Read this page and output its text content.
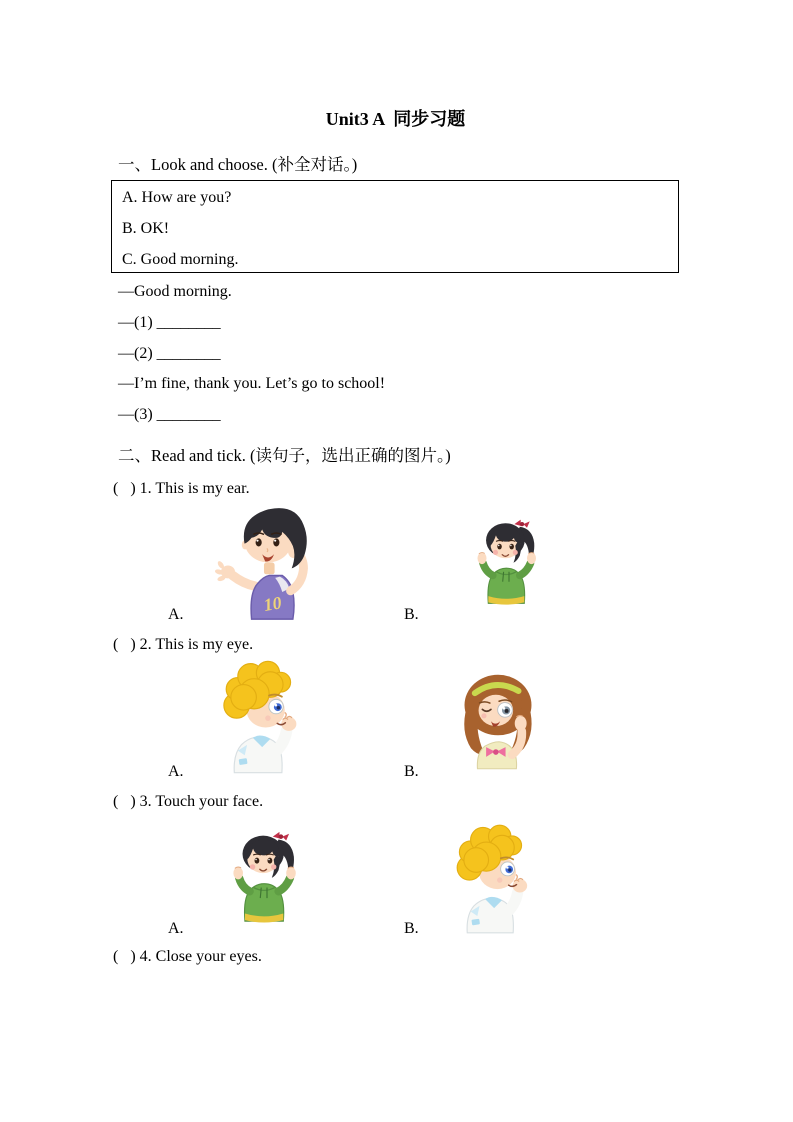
Unit3 A  同步习题
一、Look and choose. (补全对话。)
A. How are you?
B. OK!
C. Good morning.
—Good morning.
—(1) ________
—(2) ________
—I’m fine, thank you. Let’s go to school!
—(3) ________
二、Read and tick. (读句子，选出正确的图片。)
(   ) 1. This is my ear.
A.	B.
(   ) 2. This is my eye.
A.	B.
(   ) 3. Touch your face.
A.	B.
(   ) 4. Close your eyes.
